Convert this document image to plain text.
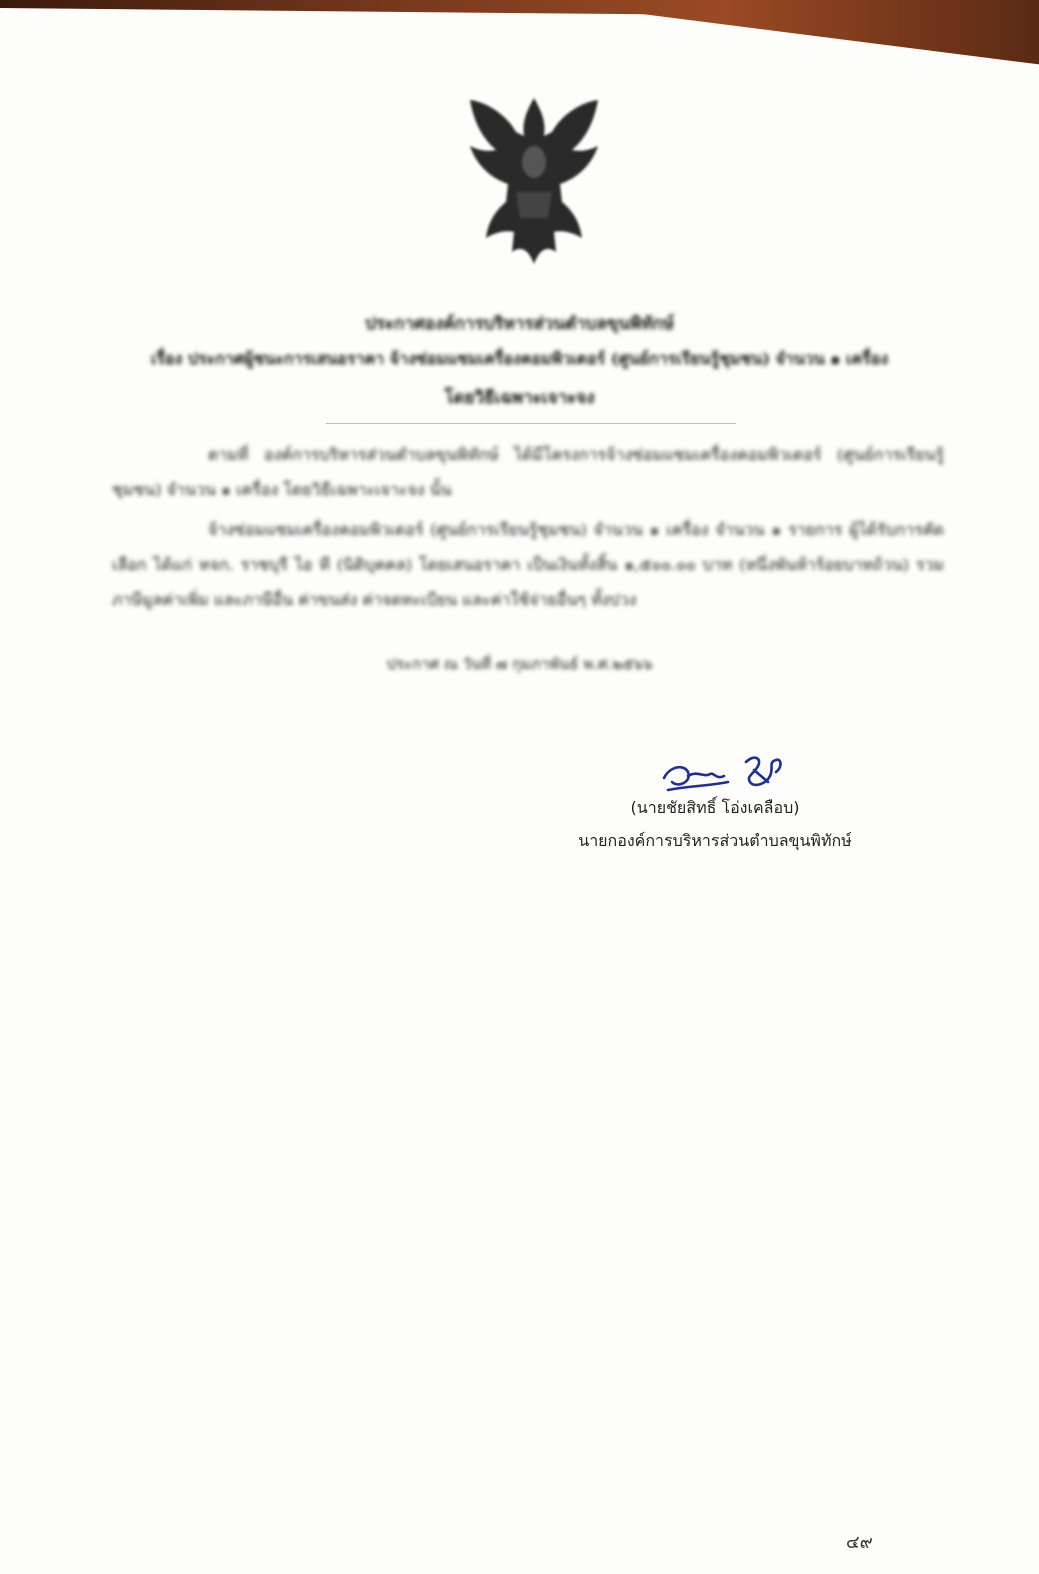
ประกาศองค์การบริหารส่วนตำบลขุนพิทักษ์
เรื่อง ประกาศผู้ชนะการเสนอราคา จ้างซ่อมแซมเครื่องคอมพิวเตอร์ (ศูนย์การเรียนรู้ชุมชน) จำนวน ๑ เครื่อง
โดยวิธีเฉพาะเจาะจง
ตามที่ องค์การบริหารส่วนตำบลขุนพิทักษ์ ได้มีโครงการจ้างซ่อมแซมเครื่องคอมพิวเตอร์ (ศูนย์การเรียนรู้ชุมชน) จำนวน ๑ เครื่อง โดยวิธีเฉพาะเจาะจง นั้น
จ้างซ่อมแซมเครื่องคอมพิวเตอร์ (ศูนย์การเรียนรู้ชุมชน) จำนวน ๑ เครื่อง จำนวน ๑ รายการ ผู้ได้รับการคัดเลือก ได้แก่ หจก. ราชบุรี ไอ ที (นิติบุคคล) โดยเสนอราคา เป็นเงินทั้งสิ้น ๑,๕๐๐.๐๐ บาท (หนึ่งพันห้าร้อยบาทถ้วน) รวมภาษีมูลค่าเพิ่ม และภาษีอื่น ค่าขนส่ง ค่าจดทะเบียน และค่าใช้จ่ายอื่นๆ ทั้งปวง
ประกาศ ณ วันที่ ๗ กุมภาพันธ์ พ.ศ.๒๕๖๖
(นายชัยสิทธิ์ โอ่งเคลือบ)
นายกองค์การบริหารส่วนตำบลขุนพิทักษ์
๔๙
